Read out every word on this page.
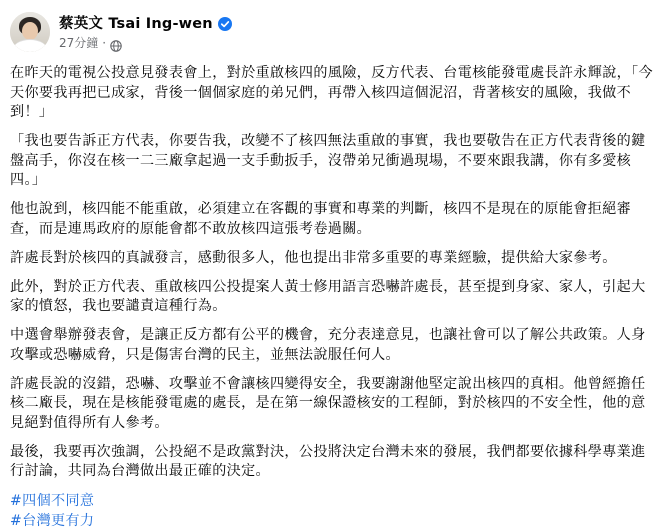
蔡英文 Tsai Ing-wen
27分鐘 ·

在昨天的電視公投意見發表會上，對於重啟核四的風險，反方代表、台電核能發電處長許永輝說，「今天你要我再把已成家，背後一個個家庭的弟兄們，再帶入核四這個泥沼，背著核安的風險，我做不到！」

「我也要告訴正方代表，你要告我，改變不了核四無法重啟的事實，我也要敬告在正方代表背後的鍵盤高手，你沒在核一二三廠拿起過一支手動扳手，沒帶弟兄衝過現場，不要來跟我講，你有多愛核四。」

他也說到，核四能不能重啟，必須建立在客觀的事實和專業的判斷，核四不是現在的原能會拒絕審查，而是連馬政府的原能會都不敢放核四這張考卷過關。

許處長對於核四的真誠發言，感動很多人，他也提出非常多重要的專業經驗，提供給大家參考。

此外，對於正方代表、重啟核四公投提案人黃士修用語言恐嚇許處長，甚至提到身家、家人，引起大家的憤怒，我也要譴責這種行為。

中選會舉辦發表會，是讓正反方都有公平的機會，充分表達意見，也讓社會可以了解公共政策。人身攻擊或恐嚇威脅，只是傷害台灣的民主，並無法說服任何人。

許處長說的沒錯，恐嚇、攻擊並不會讓核四變得安全，我要謝謝他堅定說出核四的真相。他曾經擔任核二廠長，現在是核能發電處的處長，是在第一線保證核安的工程師，對於核四的不安全性，他的意見絕對值得所有人參考。

最後，我要再次強調，公投絕不是政黨對決，公投將決定台灣未來的發展，我們都要依據科學專業進行討論，共同為台灣做出最正確的決定。

#四個不同意
#台灣更有力
